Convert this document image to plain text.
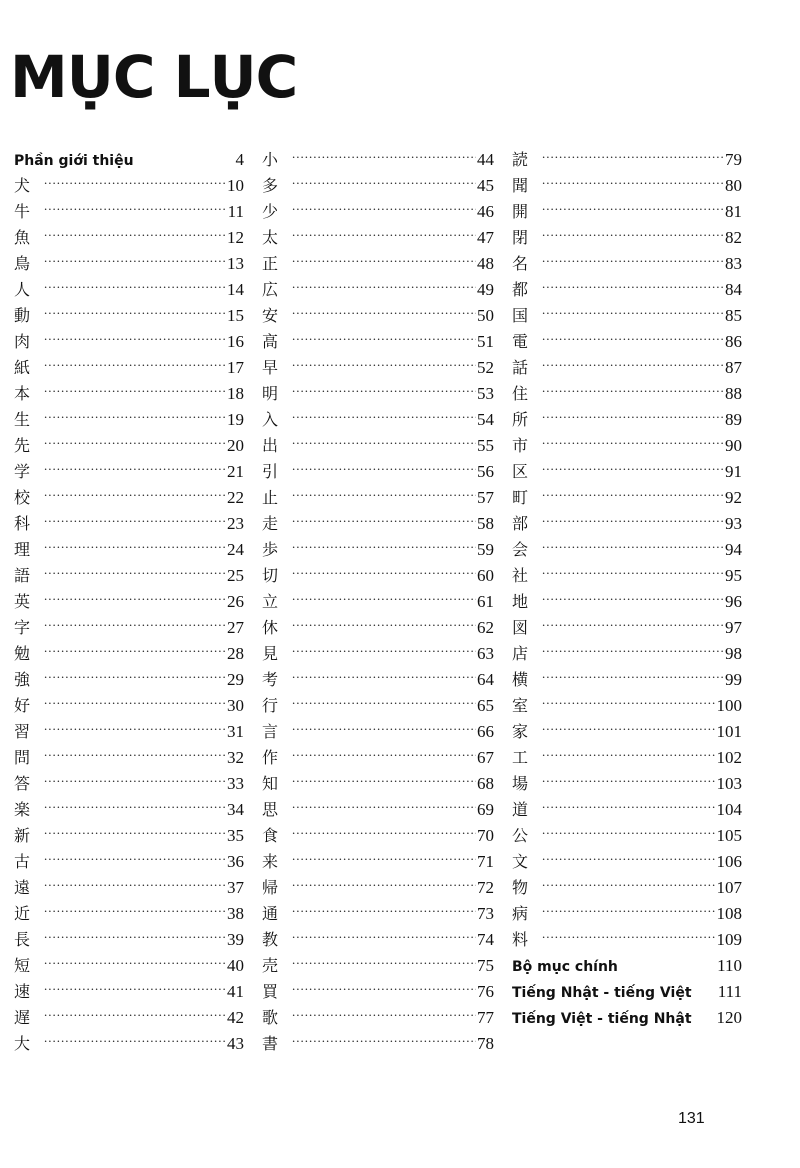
MỤC LỤC
Phần giới thiệu	4
犬 .....	10
牛 .....	11
魚 .....	12
鳥 .....	13
人 .....	14
動 .....	15
肉 .....	16
紙 .....	17
本 .....	18
生 .....	19
先 .....	20
学 .....	21
校 .....	22
科 .....	23
理 .....	24
語 .....	25
英 .....	26
字 .....	27
勉 .....	28
強 .....	29
好 .....	30
習 .....	31
問 .....	32
答 .....	33
楽 .....	34
新 .....	35
古 .....	36
遠 .....	37
近 .....	38
長 .....	39
短 .....	40
速 .....	41
遅 .....	42
大 .....	43
小 .....	44
多 .....	45
少 .....	46
太 .....	47
正 .....	48
広 .....	49
安 .....	50
高 .....	51
早 .....	52
明 .....	53
入 .....	54
出 .....	55
引 .....	56
止 .....	57
走 .....	58
歩 .....	59
切 .....	60
立 .....	61
休 .....	62
見 .....	63
考 .....	64
行 .....	65
言 .....	66
作 .....	67
知 .....	68
思 .....	69
食 .....	70
来 .....	71
帰 .....	72
通 .....	73
教 .....	74
売 .....	75
買 .....	76
歌 .....	77
書 .....	78
読 .....	79
聞 .....	80
開 .....	81
閉 .....	82
名 .....	83
都 .....	84
国 .....	85
電 .....	86
話 .....	87
住 .....	88
所 .....	89
市 .....	90
区 .....	91
町 .....	92
部 .....	93
会 .....	94
社 .....	95
地 .....	96
図 .....	97
店 .....	98
横 .....	99
室 .....	100
家 .....	101
工 .....	102
場 .....	103
道 .....	104
公 .....	105
文 .....	106
物 .....	107
病 .....	108
料 .....	109
Bộ mục chính	110
Tiếng Nhật - tiếng Việt 111
Tiếng Việt - tiếng Nhật 120
131
